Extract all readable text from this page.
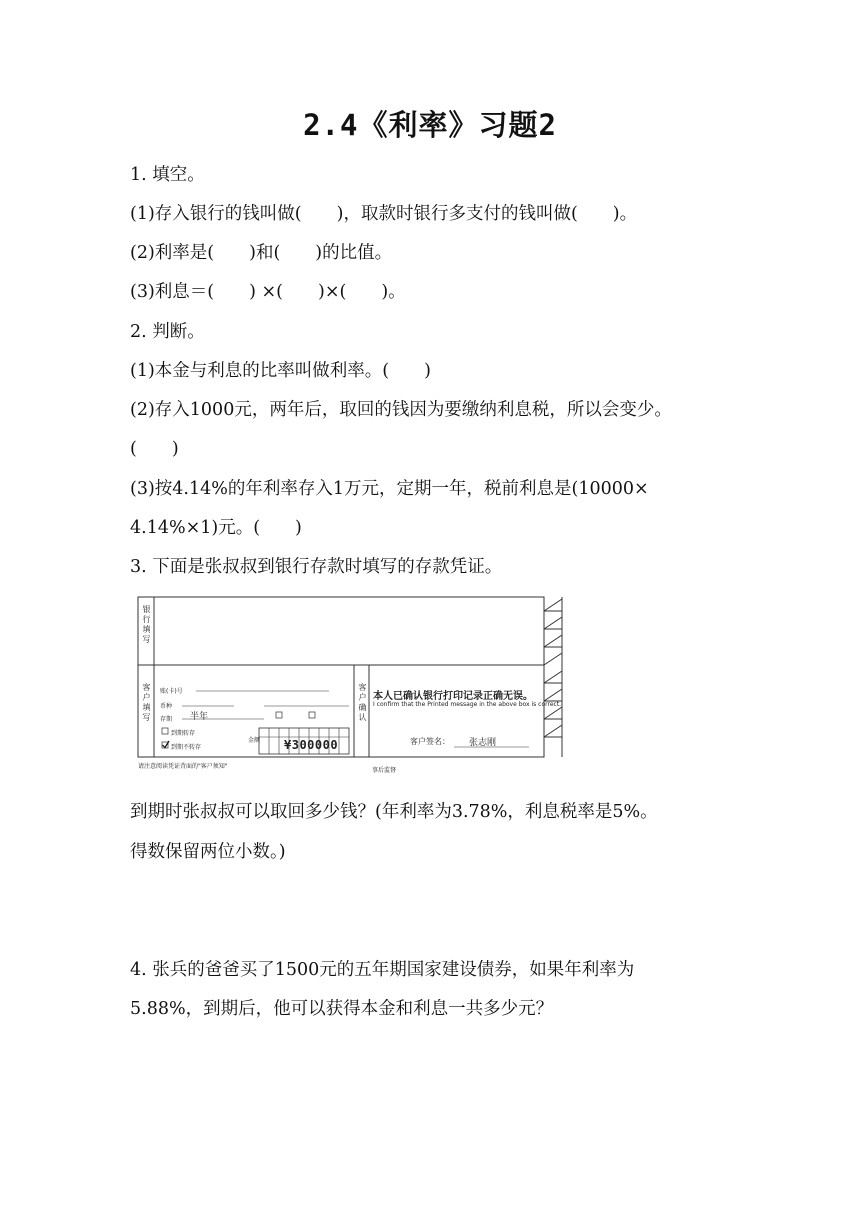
2.4《利率》习题2
1. 填空。
(1)存入银行的钱叫做(　　)，取款时银行多支付的钱叫做(　　)。
(2)利率是(　　)和(　　)的比值。
(3)利息＝(　　) ×(　　)×(　　)。
2. 判断。
(1)本金与利息的比率叫做利率。(　　)
(2)存入1000元，两年后，取回的钱因为要缴纳利息税，所以会变少。
(　　)
(3)按4.14%的年利率存入1万元，定期一年，税前利息是(10000×
4.14%×1)元。(　　)
3. 下面是张叔叔到银行存款时填写的存款凭证。
银行填写
客户填写	客户确认
账(卡)号
币种
存期 半年
到期转存
到期不转存
金额 ¥300000
本人已确认银行打印记录正确无误。
I confirm that the Printed message in the above box is correct.
客户签名： 张志刚
请注意阅读凭证背面的"客户须知"
事后监督
到期时张叔叔可以取回多少钱？(年利率为3.78%，利息税率是5%。
得数保留两位小数。)
4. 张兵的爸爸买了1500元的五年期国家建设债券，如果年利率为
5.88%，到期后，他可以获得本金和利息一共多少元？
